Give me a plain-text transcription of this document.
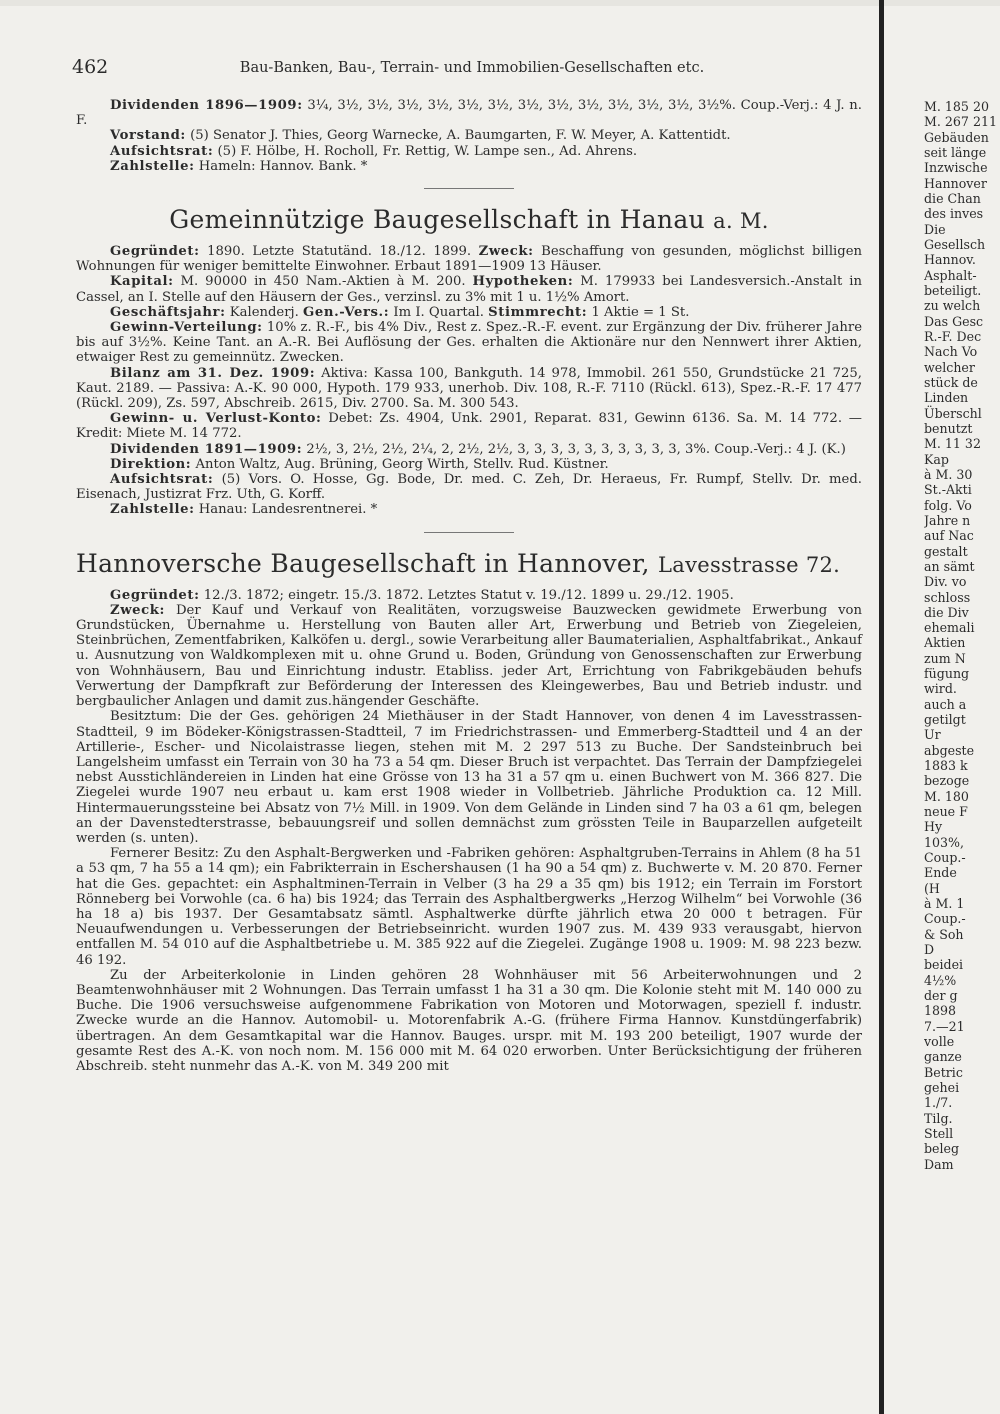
462	Bau-Banken, Bau-, Terrain- und Immobilien-Gesellschaften etc.

Dividenden 1896—1909: 3¼, 3½, 3½, 3½, 3½, 3½, 3½, 3½, 3½, 3½, 3½, 3½, 3½, 3½%. Coup.-Verj.: 4 J. n. F.

Vorstand: (5) Senator J. Thies, Georg Warnecke, A. Baumgarten, F. W. Meyer, A. Kattentidt.

Aufsichtsrat: (5) F. Hölbe, H. Rocholl, Fr. Rettig, W. Lampe sen., Ad. Ahrens.

Zahlstelle: Hameln: Hannov. Bank. *

Gemeinnützige Baugesellschaft in Hanau a. M.

Gegründet: 1890. Letzte Statutänd. 18./12. 1899. Zweck: Beschaffung von gesunden, möglichst billigen Wohnungen für weniger bemittelte Einwohner. Erbaut 1891—1909 13 Häuser.

Kapital: M. 90000 in 450 Nam.-Aktien à M. 200. Hypotheken: M. 179933 bei Landesversich.-Anstalt in Cassel, an I. Stelle auf den Häusern der Ges., verzinsl. zu 3% mit 1 u. 1½% Amort.

Geschäftsjahr: Kalenderj. Gen.-Vers.: Im I. Quartal. Stimmrecht: 1 Aktie = 1 St.

Gewinn-Verteilung: 10% z. R.-F., bis 4% Div., Rest z. Spez.-R.-F. event. zur Ergänzung der Div. früherer Jahre bis auf 3½%. Keine Tant. an A.-R. Bei Auflösung der Ges. erhalten die Aktionäre nur den Nennwert ihrer Aktien, etwaiger Rest zu gemeinnütz. Zwecken.

Bilanz am 31. Dez. 1909: Aktiva: Kassa 100, Bankguth. 14 978, Immobil. 261 550, Grundstücke 21 725, Kaut. 2189. — Passiva: A.-K. 90 000, Hypoth. 179 933, unerhob. Div. 108, R.-F. 7110 (Rückl. 613), Spez.-R.-F. 17 477 (Rückl. 209), Zs. 597, Abschreib. 2615, Div. 2700. Sa. M. 300 543.

Gewinn- u. Verlust-Konto: Debet: Zs. 4904, Unk. 2901, Reparat. 831, Gewinn 6136. Sa. M. 14 772. — Kredit: Miete M. 14 772.

Dividenden 1891—1909: 2½, 3, 2½, 2½, 2¼, 2, 2½, 2½, 3, 3, 3, 3, 3, 3, 3, 3, 3, 3, 3%. Coup.-Verj.: 4 J. (K.)

Direktion: Anton Waltz, Aug. Brüning, Georg Wirth, Stellv. Rud. Küstner.

Aufsichtsrat: (5) Vors. O. Hosse, Gg. Bode, Dr. med. C. Zeh, Dr. Heraeus, Fr. Rumpf, Stellv. Dr. med. Eisenach, Justizrat Frz. Uth, G. Korff.

Zahlstelle: Hanau: Landesrentnerei. *

Hannoversche Baugesellschaft in Hannover, Lavesstrasse 72.

Gegründet: 12./3. 1872; eingetr. 15./3. 1872. Letztes Statut v. 19./12. 1899 u. 29./12. 1905.

Zweck: Der Kauf und Verkauf von Realitäten, vorzugsweise Bauzwecken gewidmete Erwerbung von Grundstücken, Übernahme u. Herstellung von Bauten aller Art, Erwerbung und Betrieb von Ziegeleien, Steinbrüchen, Zementfabriken, Kalköfen u. dergl., sowie Verarbeitung aller Baumaterialien, Asphaltfabrikat., Ankauf u. Ausnutzung von Waldkomplexen mit u. ohne Grund u. Boden, Gründung von Genossenschaften zur Erwerbung von Wohnhäusern, Bau und Einrichtung industr. Etabliss. jeder Art, Errichtung von Fabrikgebäuden behufs Verwertung der Dampfkraft zur Beförderung der Interessen des Kleingewerbes, Bau und Betrieb industr. und bergbaulicher Anlagen und damit zus.hängender Geschäfte.

Besitztum: Die der Ges. gehörigen 24 Miethäuser in der Stadt Hannover, von denen 4 im Lavesstrassen-Stadtteil, 9 im Bödeker-Königstrassen-Stadtteil, 7 im Friedrichstrassen- und Emmerberg-Stadtteil und 4 an der Artillerie-, Escher- und Nicolaistrasse liegen, stehen mit M. 2 297 513 zu Buche. Der Sandsteinbruch bei Langelsheim umfasst ein Terrain von 30 ha 73 a 54 qm. Dieser Bruch ist verpachtet. Das Terrain der Dampfziegelei nebst Ausstichländereien in Linden hat eine Grösse von 13 ha 31 a 57 qm u. einen Buchwert von M. 366 827. Die Ziegelei wurde 1907 neu erbaut u. kam erst 1908 wieder in Vollbetrieb. Jährliche Produktion ca. 12 Mill. Hintermauerungssteine bei Absatz von 7½ Mill. in 1909. Von dem Gelände in Linden sind 7 ha 03 a 61 qm, belegen an der Davenstedterstrasse, bebauungsreif und sollen demnächst zum grössten Teile in Bauparzellen aufgeteilt werden (s. unten).

Fernerer Besitz: Zu den Asphalt-Bergwerken und -Fabriken gehören: Asphaltgruben-Terrains in Ahlem (8 ha 51 a 53 qm, 7 ha 55 a 14 qm); ein Fabrikterrain in Eschershausen (1 ha 90 a 54 qm) z. Buchwerte v. M. 20 870. Ferner hat die Ges. gepachtet: ein Asphaltminen-Terrain in Velber (3 ha 29 a 35 qm) bis 1912; ein Terrain im Forstort Rönneberg bei Vorwohle (ca. 6 ha) bis 1924; das Terrain des Asphaltbergwerks „Herzog Wilhelm“ bei Vorwohle (36 ha 18 a) bis 1937. Der Gesamtabsatz sämtl. Asphaltwerke dürfte jährlich etwa 20 000 t betragen. Für Neuaufwendungen u. Verbesserungen der Betriebseinricht. wurden 1907 zus. M. 439 933 verausgabt, hiervon entfallen M. 54 010 auf die Asphaltbetriebe u. M. 385 922 auf die Ziegelei. Zugänge 1908 u. 1909: M. 98 223 bezw. 46 192.

Zu der Arbeiterkolonie in Linden gehören 28 Wohnhäuser mit 56 Arbeiterwohnungen und 2 Beamtenwohnhäuser mit 2 Wohnungen. Das Terrain umfasst 1 ha 31 a 30 qm. Die Kolonie steht mit M. 140 000 zu Buche. Die 1906 versuchsweise aufgenommene Fabrikation von Motoren und Motorwagen, speziell f. industr. Zwecke wurde an die Hannov. Automobil- u. Motorenfabrik A.-G. (frühere Firma Hannov. Kunstdüngerfabrik) übertragen. An dem Gesamtkapital war die Hannov. Bauges. urspr. mit M. 193 200 beteiligt, 1907 wurde der gesamte Rest des A.-K. von noch nom. M. 156 000 mit M. 64 020 erworben. Unter Berücksichtigung der früheren Abschreib. steht nunmehr das A.-K. von M. 349 200 mit

M. 185 20
M. 267 211
Gebäuden
seit länge
Inzwische
Hannover
die Chan
des inves
Die
Gesellsch
Hannov.
Asphalt-
beteiligt.
zu welch
Das Gesc
R.-F. Dec
Nach Vo
welcher
stück de
Linden
Überschl
benutzt
M. 11 32
Kap
à M. 30
St.-Akti
folg. Vo
Jahre n
auf Nac
gestalt
an sämt
Div. vo
schloss
die Div
ehemali
Aktien
zum N
fügung
wird.
auch a
getilgt
Ur
abgeste
1883 k
bezoge
M. 180
neue F
Hy
103%,
Coup.-
Ende
(H
à M. 1
Coup.-
& Soh
D
beidei
4½%
der g
1898
7.—21
volle
ganze
Betric
gehei
1./7.
Tilg.
Stell
beleg
Dam
